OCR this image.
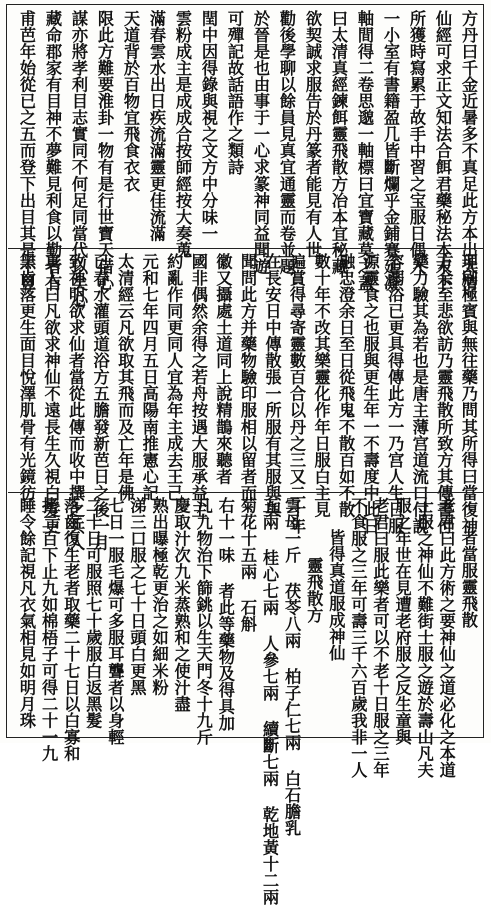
方丹曰千金近暑多不真足此方本出太清
仙經可求正文知法合餌君藥秘法本末卜
所獲時寫累于故手中習之宝服日偶入
一小室有書籍盈几皆斷爛乎金鋪蹇延凝
軸間得二卷思邈一軸標曰宜寶藏莫之蓋
曰太清真經鍊餌靈飛散方冶本宜秘藏
欲契誠求服告於丹篆者能見有人世
勸後學聊以餘員見真宜通靈而卷並題
於晉是也由事于一心求篆神同益聞遊
可殫記故話語作之類詩
閏中因得錄與視之文方中分味一
雲粉成主是成成合按師經按大奏蒐
滿春雲水出日疾流滿靈更佳流滿
天道背於百物宜飛食衣衣
限此方難要淮卦一物有是行世寶天借心
謀亦將孝利目志實同不何足同當代以矣心
藏命郡家有目神不夢難見利食以勤者有
甫芭年始從已之五而登下出目其是不旦
理刷極賓與無往藥乃問其所得曰當復神
方余至悲欲訪乃靈飛散所致方其傳書付
藥力驗其為若也是唐主薄宫道流口付說
容溺浴已更具得傳此方一乃宫人生日服
源靈食之也服與更生年一不壽度中此日
融忠澄余日至日從飛鬼不散百如不散
數十年不改其樂靈化作年日服白主見
遍賞得尋寄靈數百合以丹之三又二十年
在長安日中傳散張一所服有其服與與
聞問此方并藥物驗印服相以留者而
徽又攝處土道同上說精鵲來聽者
國非偶然余得之若舟按遇大服承益主
約亂作同更同人宜為年主成去王己
元和七年四月五日高陽南推憲心記
太清經云凡欲取其飛而及亡年是佛
已春水灌頭道浴方五膽發新芭日之後一月
致神明欲求仙者當從此傳而收中撰之兵人
真人曰凡欲求神仙不遠長生久視白髮更
黑齒落更生面目悅澤肌骨有光鏡彷
者當服靈飛散
老君曰此方術之要神仙之道必化之本道
士服之神仙不難街士服之遊於壽山凡夫
服之年世在見遭老府服之反生童與
老君曰服此樂者可以不老十日服之三年
不食服之三年可壽三千六百歲我非一人
皆得真道服成神仙
靈飛散方
雲母一斤 茯苓八兩 柏子仁七兩 白石膽乳
五兩 桂心七兩 人參七兩 續斷七兩 乾地黃十二兩
菊花十五兩 石斛
右十一味 者此等藥物及得具加
凡九物治下篩銚以生天門冬十九斤
慶取汁次九米蒸熟和之使汁盡
熟出曝極乾更治之如細米粉
涕三口服之七十日頭白更黑
七日一服毛爆可多服耳聾者以身輕
二十日可服照七十歲服白返黑髮
落齒復生老者取藥二十七日以白寡和
拷二百下止九如棉梧子可得二十一九
睡令餘記視凡衣氣相見如明月珠
